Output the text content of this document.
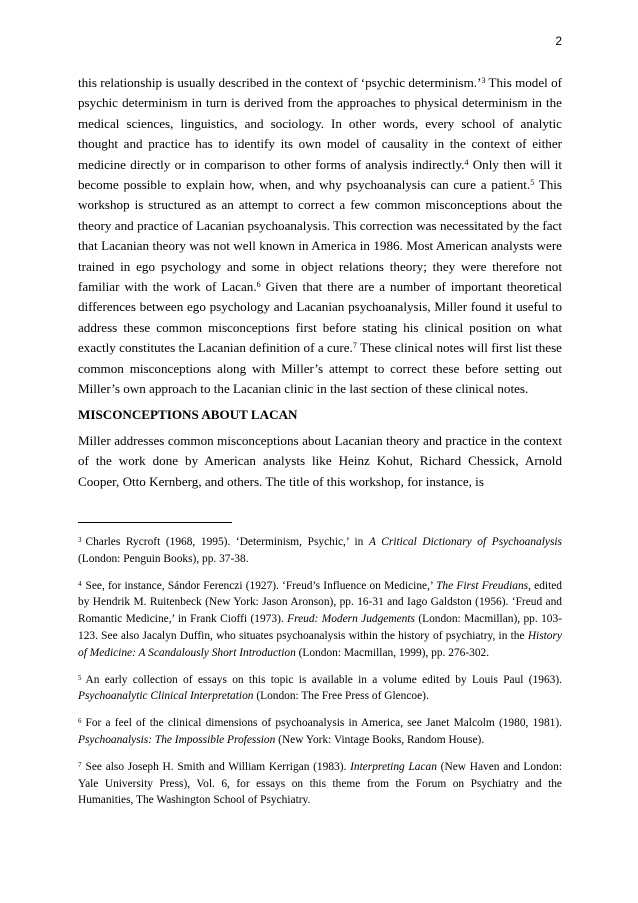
2

this relationship is usually described in the context of ‘psychic determinism.’$^3$ This model of psychic determinism in turn is derived from the approaches to physical determinism in the medical sciences, linguistics, and sociology. In other words, every school of analytic thought and practice has to identify its own model of causality in the context of either medicine directly or in comparison to other forms of analysis indirectly.$^4$ Only then will it become possible to explain how, when, and why psychoanalysis can cure a patient.$^5$ This workshop is structured as an attempt to correct a few common misconceptions about the theory and practice of Lacanian psychoanalysis. This correction was necessitated by the fact that Lacanian theory was not well known in America in 1986. Most American analysts were trained in ego psychology and some in object relations theory; they were therefore not familiar with the work of Lacan.$^6$ Given that there are a number of important theoretical differences between ego psychology and Lacanian psychoanalysis, Miller found it useful to address these common misconceptions first before stating his clinical position on what exactly constitutes the Lacanian definition of a cure.$^7$ These clinical notes will first list these common misconceptions along with Miller’s attempt to correct these before setting out Miller’s own approach to the Lacanian clinic in the last section of these clinical notes.

MISCONCEPTIONS ABOUT LACAN

Miller addresses common misconceptions about Lacanian theory and practice in the context of the work done by American analysts like Heinz Kohut, Richard Chessick, Arnold Cooper, Otto Kernberg, and others. The title of this workshop, for instance, is

$^3$ Charles Rycroft (1968, 1995). ‘Determinism, Psychic,’ in A Critical Dictionary of Psychoanalysis (London: Penguin Books), pp. 37-38.

$^4$ See, for instance, Sándor Ferenczi (1927). ‘Freud’s Influence on Medicine,’ The First Freudians, edited by Hendrik M. Ruitenbeck (New York: Jason Aronson), pp. 16-31 and Iago Galdston (1956). ‘Freud and Romantic Medicine,’ in Frank Cioffi (1973). Freud: Modern Judgements (London: Macmillan), pp. 103-123. See also Jacalyn Duffin, who situates psychoanalysis within the history of psychiatry, in the History of Medicine: A Scandalously Short Introduction (London: Macmillan, 1999), pp. 276-302.

$^5$ An early collection of essays on this topic is available in a volume edited by Louis Paul (1963). Psychoanalytic Clinical Interpretation (London: The Free Press of Glencoe).

$^6$ For a feel of the clinical dimensions of psychoanalysis in America, see Janet Malcolm (1980, 1981). Psychoanalysis: The Impossible Profession (New York: Vintage Books, Random House).

$^7$ See also Joseph H. Smith and William Kerrigan (1983). Interpreting Lacan (New Haven and London: Yale University Press), Vol. 6, for essays on this theme from the Forum on Psychiatry and the Humanities, The Washington School of Psychiatry.
